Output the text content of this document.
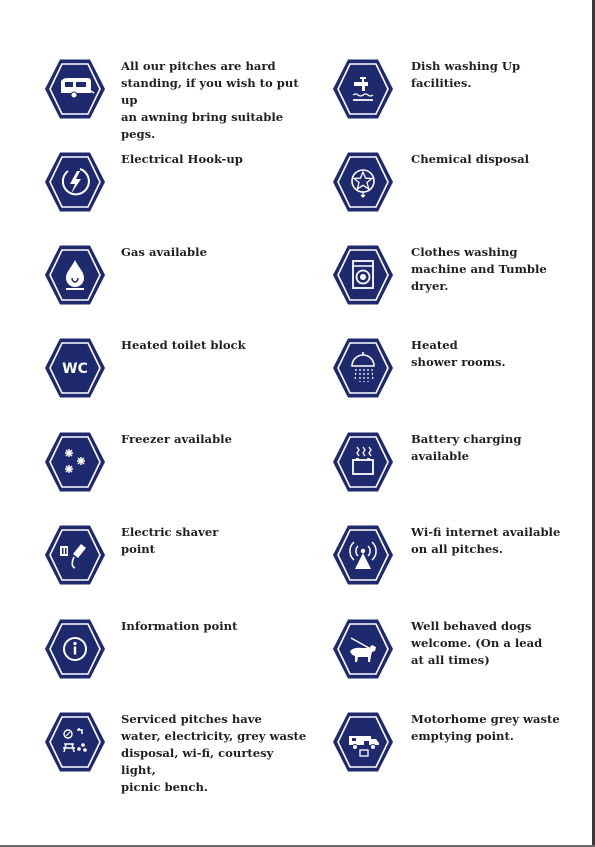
All our pitches are hard
standing, if you wish to put up
an awning bring suitable pegs.
Electrical Hook-up
Gas available
WC
Heated toilet block
Freezer available
Electric shaver
point
Information point
Serviced pitches have
water, electricity, grey waste
disposal, wi-fi, courtesy light,
picnic bench.
Dish washing Up
facilities.
Chemical disposal
Clothes washing
machine and Tumble
dryer.
Heated
shower rooms.
Battery charging
available
Wi-fi internet available
on all pitches.
Well behaved dogs
welcome. (On a lead
at all times)
Motorhome grey waste
emptying point.
